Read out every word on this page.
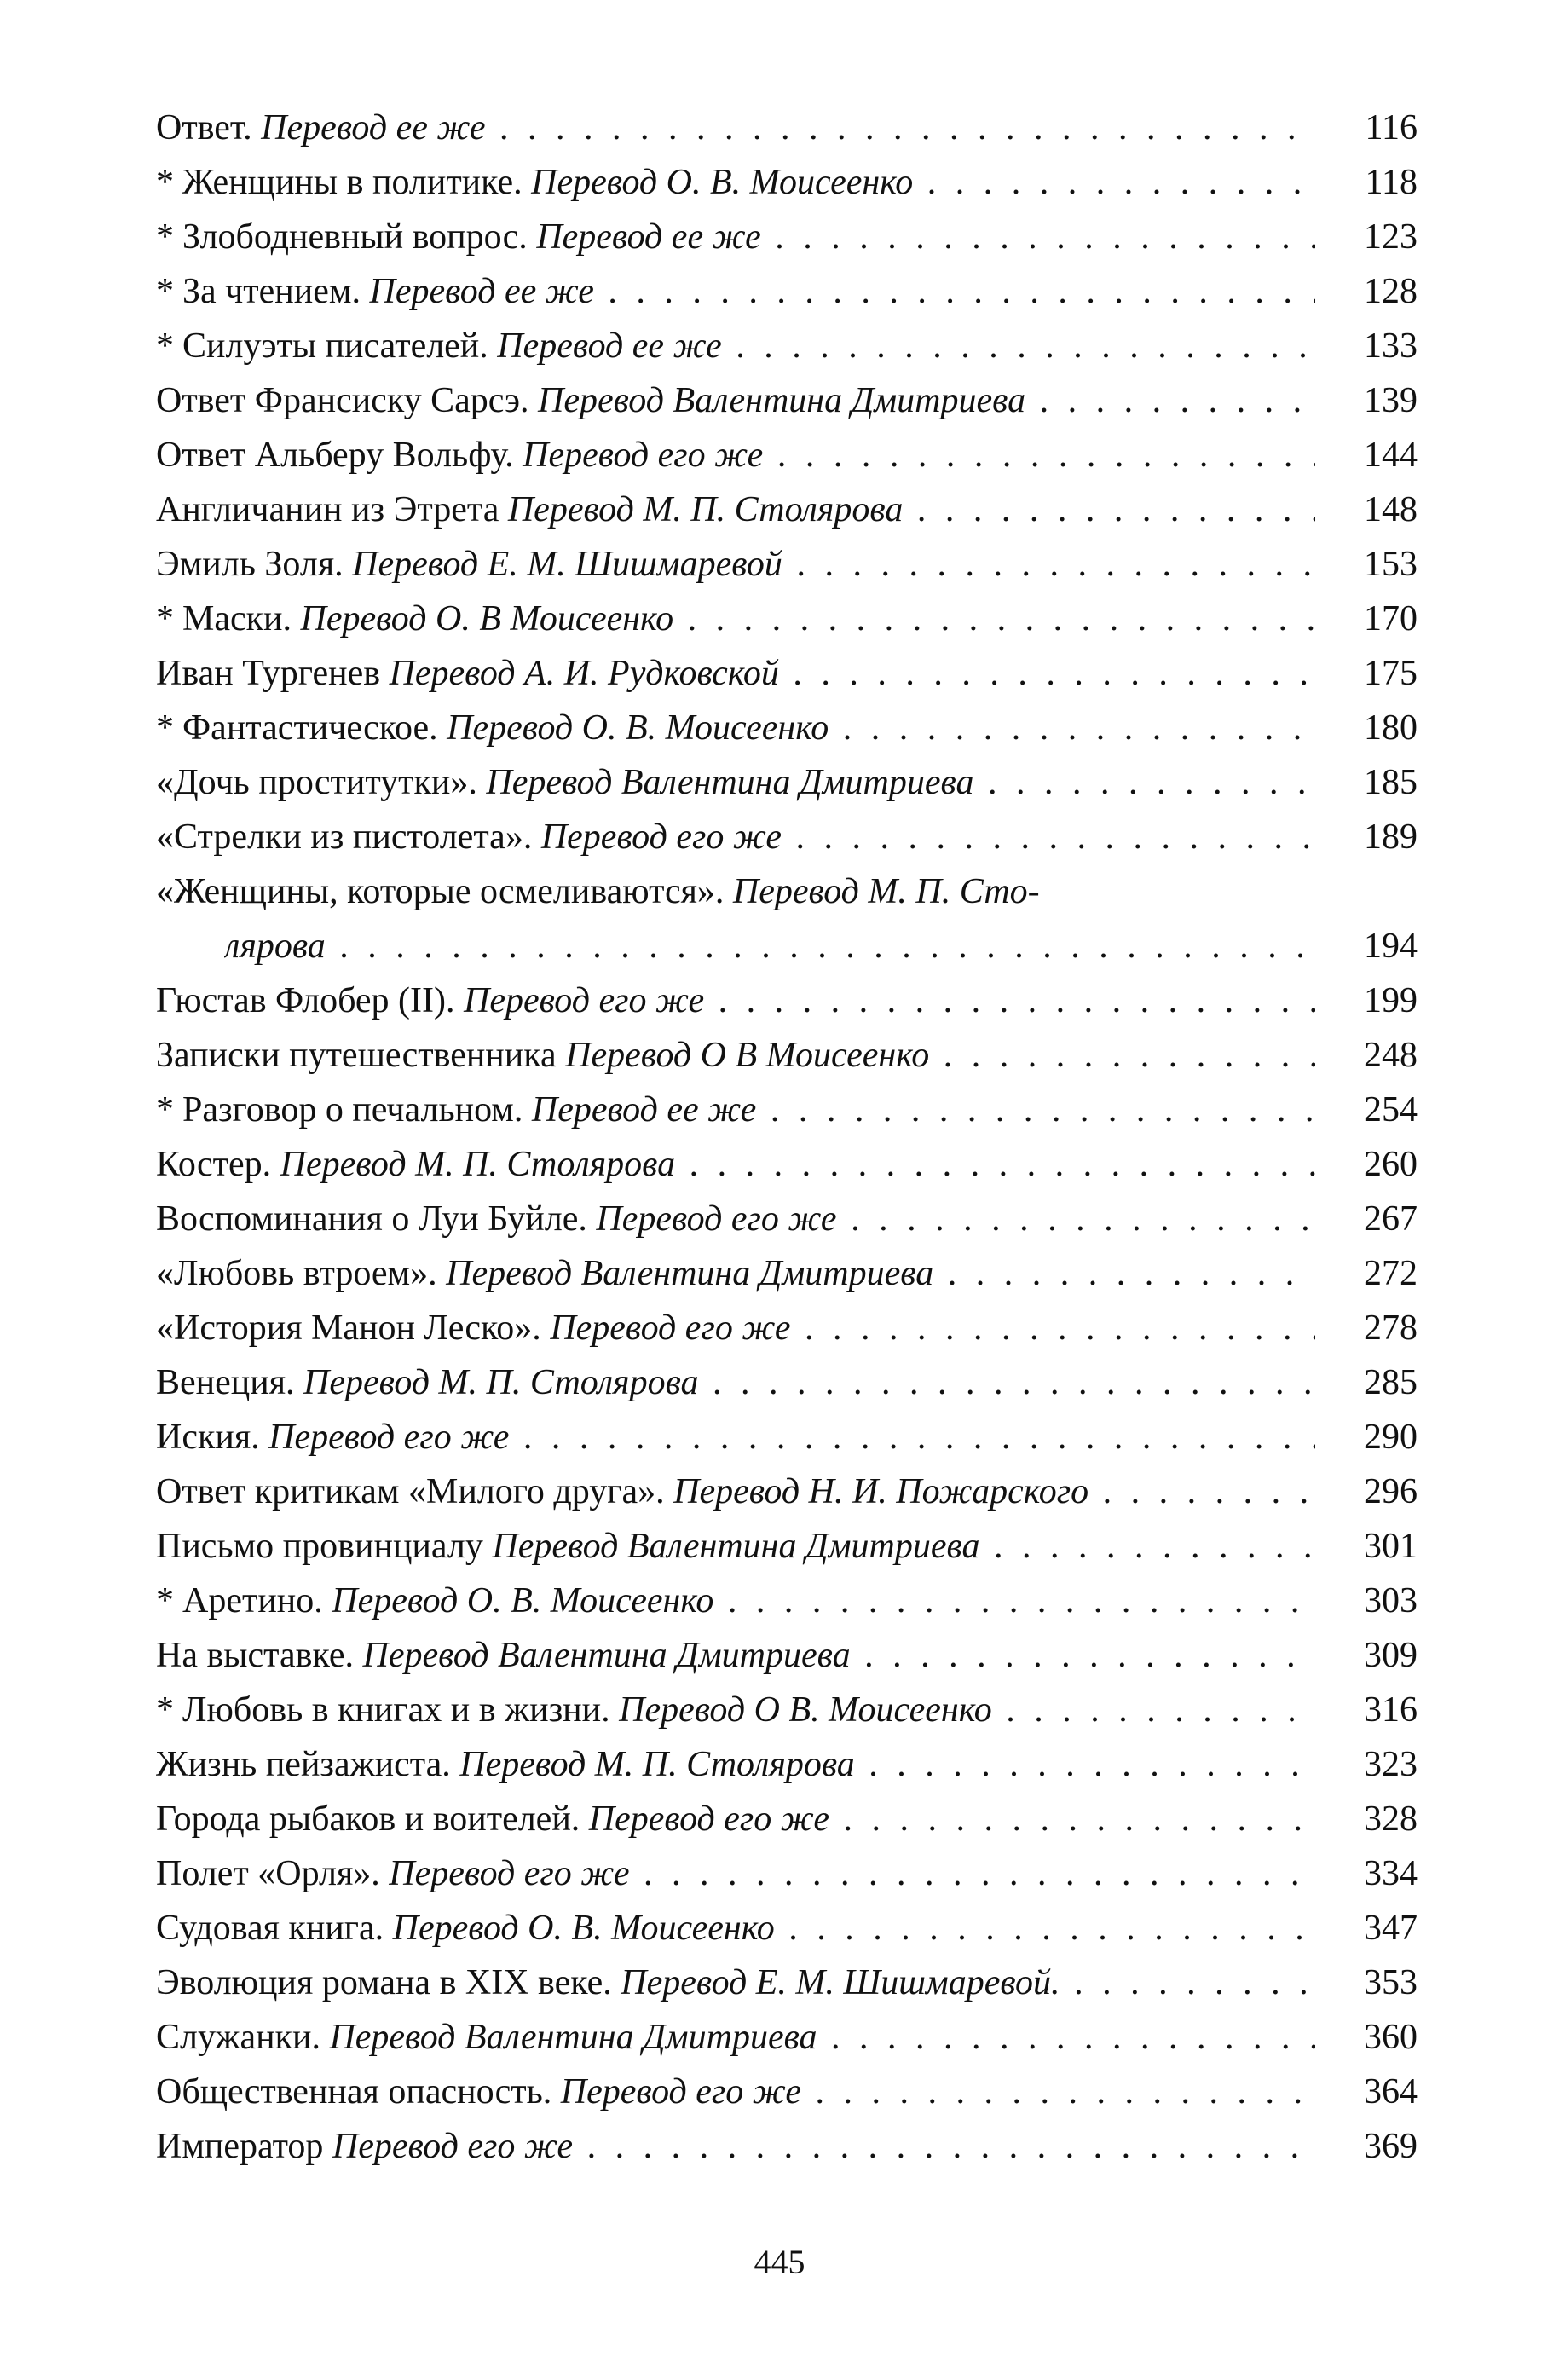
Ответ. Перевод ее же . . .	116
* Женщины в политике. Перевод О. В. Моисеенко . . .	118
* Злободневный вопрос. Перевод ее же . . .	123
* За чтением. Перевод ее же . . .	128
* Силуэты писателей. Перевод ее же . . .	133
Ответ Франсиску Сарсэ. Перевод Валентина Дмитриева . . .	139
Ответ Альберу Вольфу. Перевод его же . . .	144
Англичанин из Этрета Перевод М. П. Столярова . . .	148
Эмиль Золя. Перевод Е. М. Шишмаревой . . .	153
* Маски. Перевод О. В Моисеенко . . .	170
Иван Тургенев Перевод А. И. Рудковской . . .	175
* Фантастическое. Перевод О. В. Моисеенко . . .	180
«Дочь проститутки». Перевод Валентина Дмитриева . . .	185
«Стрелки из пистолета». Перевод его же . . .	189
«Женщины, которые осмеливаются». Перевод М. П. Сто-
лярова . . .	194
Гюстав Флобер (II). Перевод его же . . .	199
Записки путешественника Перевод О В Моисеенко . . .	248
* Разговор о печальном. Перевод ее же . . .	254
Костер. Перевод М. П. Столярова . . .	260
Воспоминания о Луи Буйле. Перевод его же . . .	267
«Любовь втроем». Перевод Валентина Дмитриева . . .	272
«История Манон Леско». Перевод его же . . .	278
Венеция. Перевод М. П. Столярова . . .	285
Иския. Перевод его же . . .	290
Ответ критикам «Милого друга». Перевод Н. И. Пожарского . . .	296
Письмо провинциалу Перевод Валентина Дмитриева . . .	301
* Аретино. Перевод О. В. Моисеенко . . .	303
На выставке. Перевод Валентина Дмитриева . . .	309
* Любовь в книгах и в жизни. Перевод О В. Моисеенко . . .	316
Жизнь пейзажиста. Перевод М. П. Столярова . . .	323
Города рыбаков и воителей. Перевод его же . . .	328
Полет «Орля». Перевод его же . . .	334
Судовая книга. Перевод О. В. Моисеенко . . .	347
Эволюция романа в XIX веке. Перевод Е. М. Шишмаревой. . . .	353
Служанки. Перевод Валентина Дмитриева . . .	360
Общественная опасность. Перевод его же . . .	364
Император Перевод его же . . .	369
445
